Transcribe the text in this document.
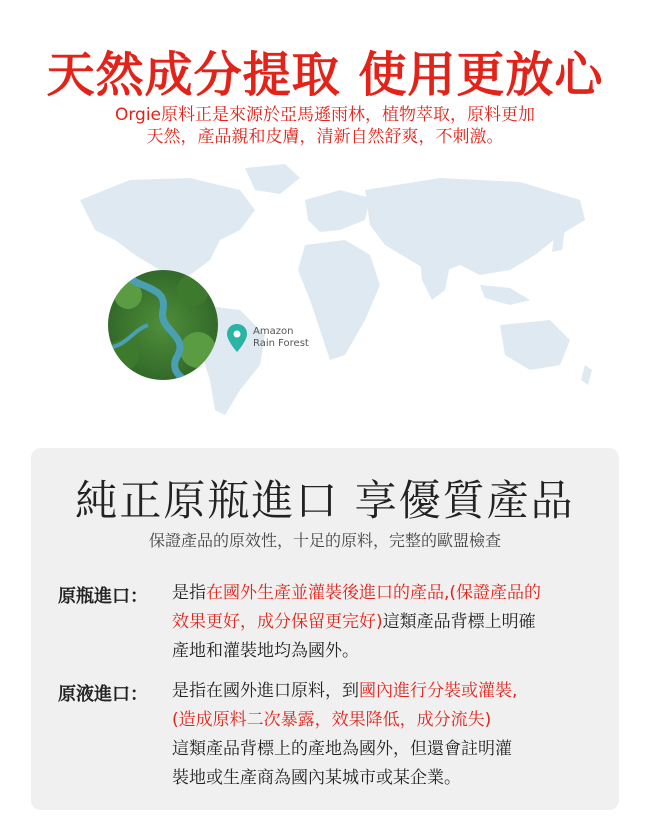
天然成分提取 使用更放心

Orgie原料正是來源於亞馬遜雨林，植物萃取，原料更加
天然，產品親和皮膚，清新自然舒爽，不刺激。

Amazon
Rain Forest
純正原瓶進口 享優質產品

保證產品的原效性，十足的原料，完整的歐盟檢查

原瓶進口： 是指在國外生產並灌裝後進口的產品,(保證產品的
效果更好，成分保留更完好)這類產品背標上明確
產地和灌裝地均為國外。
原液進口： 是指在國外進口原料，到國內進行分裝或灌裝,
(造成原料二次暴露，效果降低，成分流失)
這類產品背標上的產地為國外，但還會註明灌
裝地或生產商為國內某城市或某企業。
